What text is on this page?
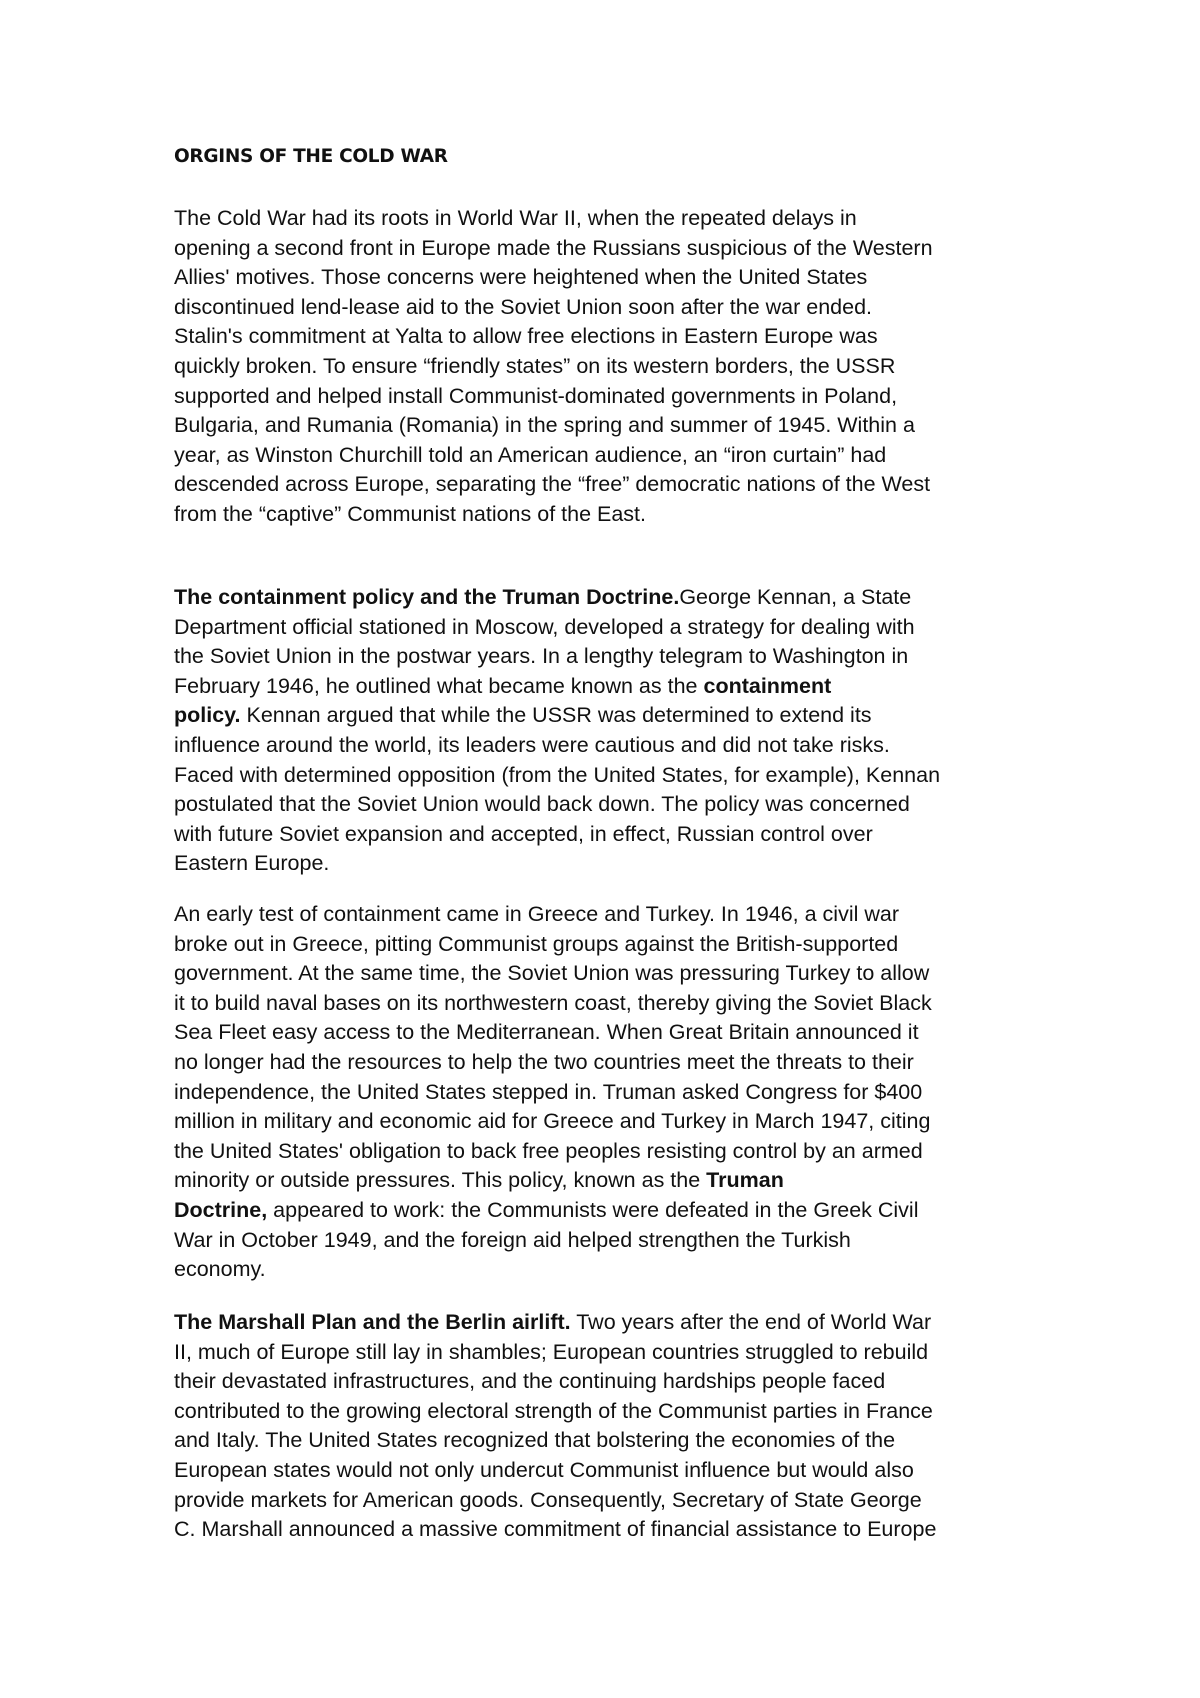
ORGINS OF THE COLD WAR
The Cold War had its roots in World War II, when the repeated delays in
opening a second front in Europe made the Russians suspicious of the Western
Allies' motives. Those concerns were heightened when the United States
discontinued lend-lease aid to the Soviet Union soon after the war ended.
Stalin's commitment at Yalta to allow free elections in Eastern Europe was
quickly broken. To ensure “friendly states” on its western borders, the USSR
supported and helped install Communist-dominated governments in Poland,
Bulgaria, and Rumania (Romania) in the spring and summer of 1945. Within a
year, as Winston Churchill told an American audience, an “iron curtain” had
descended across Europe, separating the “free” democratic nations of the West
from the “captive” Communist nations of the East.
The containment policy and the Truman Doctrine.George Kennan, a State
Department official stationed in Moscow, developed a strategy for dealing with
the Soviet Union in the postwar years. In a lengthy telegram to Washington in
February 1946, he outlined what became known as the containment
policy. Kennan argued that while the USSR was determined to extend its
influence around the world, its leaders were cautious and did not take risks.
Faced with determined opposition (from the United States, for example), Kennan
postulated that the Soviet Union would back down. The policy was concerned
with future Soviet expansion and accepted, in effect, Russian control over
Eastern Europe.
An early test of containment came in Greece and Turkey. In 1946, a civil war
broke out in Greece, pitting Communist groups against the British-supported
government. At the same time, the Soviet Union was pressuring Turkey to allow
it to build naval bases on its northwestern coast, thereby giving the Soviet Black
Sea Fleet easy access to the Mediterranean. When Great Britain announced it
no longer had the resources to help the two countries meet the threats to their
independence, the United States stepped in. Truman asked Congress for $400
million in military and economic aid for Greece and Turkey in March 1947, citing
the United States' obligation to back free peoples resisting control by an armed
minority or outside pressures. This policy, known as the Truman
Doctrine, appeared to work: the Communists were defeated in the Greek Civil
War in October 1949, and the foreign aid helped strengthen the Turkish
economy.
The Marshall Plan and the Berlin airlift. Two years after the end of World War
II, much of Europe still lay in shambles; European countries struggled to rebuild
their devastated infrastructures, and the continuing hardships people faced
contributed to the growing electoral strength of the Communist parties in France
and Italy. The United States recognized that bolstering the economies of the
European states would not only undercut Communist influence but would also
provide markets for American goods. Consequently, Secretary of State George
C. Marshall announced a massive commitment of financial assistance to Europe
